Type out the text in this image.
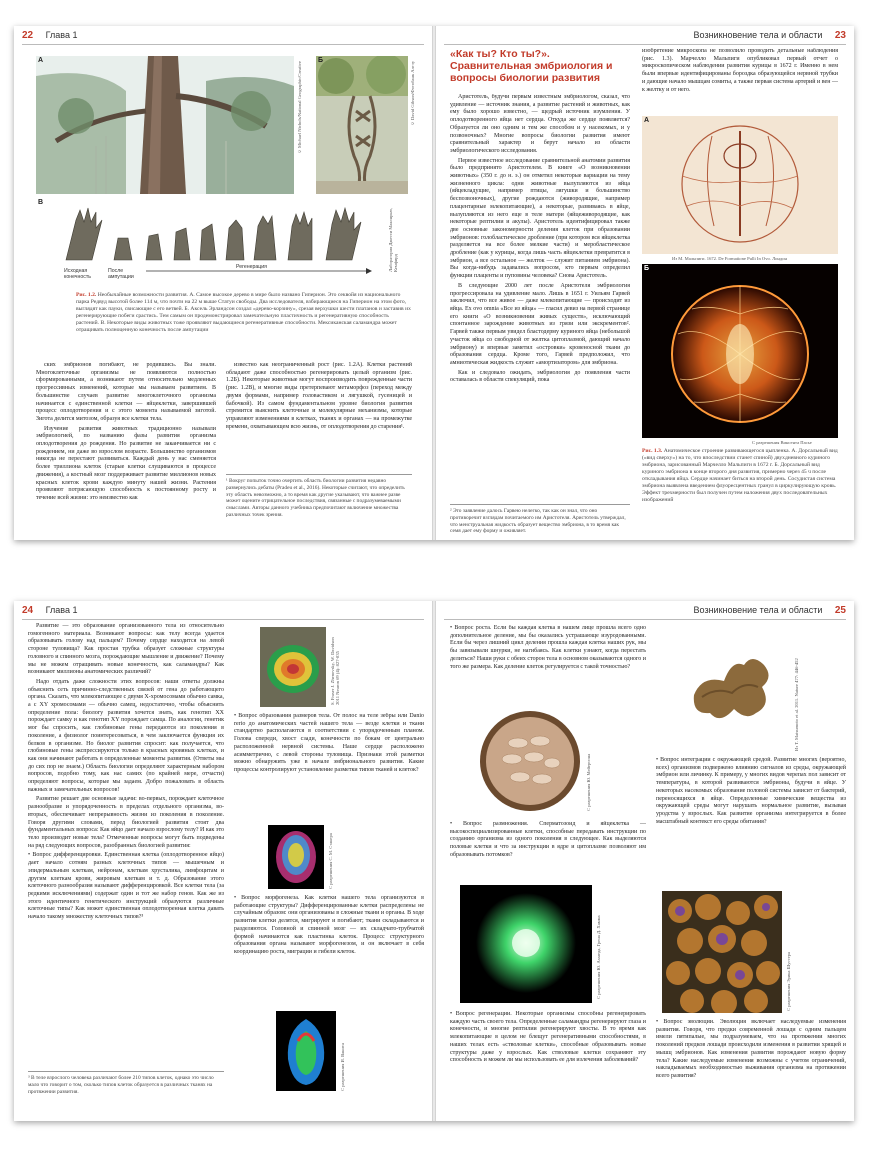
22 Глава 1
А
© Michael Nichols/National Geographic/Creative
Б
© David Gibson/Фотобанк Алтзу
В
Исходная конечность
После ампутации
Регенерация	Лаборатория Джесси Макэнрью, Кемфирд

Рис. 1.2. Необычайные возможности развития. А. Самое высокое дерево в мире было названо Гиперион. Это секвойя из национального парка Редвуд высотой более 114 м, что почти на 22 м выше Статуи свободы. Два исследователя, взбирающиеся на Гиперион на этом фото, выглядят как пауки, свисающие с его ветвей. Б. Аксель Эрландсон создал «дерево-корзину», срезая верхушки шести платанов и заставив их регенерирующие побеги срастись. Тем самым он продемонстрировал замечательную пластичность и регенеративную способность растений. В. Некоторые виды животных тоже проявляют выдающиеся регенеративные способности. Мексиканская саламандра может отращивать полноценную конечность после ампутации

ских эмбрионов погибают, не родившись. Вы знали. Многоклеточные организмы не появляются полностью сформированными, а возникают путем относительно медленных прогрессивных изменений, которые мы называем развитием. В большинстве случаев развитие многоклеточного организма начинается с единственной клетки — яйцеклетки, завершившей процесс оплодотворения и с этого момента называемой зиготой. Зигота делится митозом, образуя все клетки тела.

Изучение развития животных традиционно называли эмбриологией, по названию фазы развития организма оплодотворения до рождения. Но развитие не заканчивается ни с рождением, ни даже во взрослом возрасте. Большинство организмов никогда не перестают развиваться. Каждый день у нас сменяется более триллиона клеток (старые клетки слущиваются в процессе движения), а костный мозг поддерживает развитие миллионов новых красных клеток крови каждую минуту нашей жизни. Растения проявляют потрясающую способность к постоянному росту и течение всей жизни: это неизвестно как

известно как неограниченный рост (рис. 1.2А). Клетки растений обладают даже способностью регенерировать целый организм (рис. 1.2Б). Некоторые животные могут воспроизводить поврежденные части (рис. 1.2В), и многие виды претерпевают метаморфоз (переход между двумя формами, например головастиком и лягушкой, гусеницей и бабочкой). Из самом фундаментальном уровне биология развития стремится выяснить клеточные и молекулярные механизмы, которые управляют изменениями в клетках, тканях и органах — на промежутке времени, охватывающем всю жизнь, от оплодотворения до старения¹.

¹ Вокруг попыток точно очертить область биологии развития недавно развернулись дебаты (Pradeu et al., 2016). Некоторые считают, что определить эту область невозможно, а то время как другие указывают, что важнее разве может оцените отрицательное последствия, связанные с подразумеваемыми смыслами. Авторы данного учебника предпочитают включение множества различных точек зрения.

Возникновение тела и области 23
«Как ты? Кто ты?». Сравнительная эмбриология и вопросы биологии развития

Аристотель, будучи первым известным эмбриологом, сказал, что удивление — источник знания, а развитие растений и животных, как ему было хорошо известно, — щедрый источник изумления. У оплодотворенного яйца нет сердца. Откуда же сердце появляется? Образуется ли оно одним и тем же способом и у насекомых, и у позвоночных? Многие вопросы биологии развития имеют сравнительный характер и берут начало из области эмбриологического исследования.

Первое известное исследование сравнительной анатомии развития было предпринято Аристотелем. В книге «О возникновении животных» (350 г. до н. э.) он отметил некоторые вариации на тему жизненного цикла: одни животные вылупляются из яйца (яйцекладущие, например птицы, лягушки и большинство беспозвоночных), другие рождаются (живородящие, например плацентарные млекопитающие), а некоторые, развиваясь в яйце, вылупляются из него еще в теле матери (яйцеживородящие, как некоторые рептилии и акулы). Аристотель идентифицировал также две основные закономерности деления клеток при образовании эмбрионов: голобластическое дробление (при котором вся яйцеклетка разделяется на все более мелкие части) и меробластическое дробление (как у курицы, когда лишь часть яйцеклетки превратится в эмбрион, а все остальное — желток — служит питанием эмбриона). Вы когда-нибудь задавались вопросом, кто первым определил функции плаценты и пуповины человека? Снова Аристотель.

В следующие 2000 лет после Аристотеля эмбриология прогрессировала на удивление мало. Лишь в 1651 г. Уильям Гарвей заключил, что все живое — даже млекопитающие — происходит из яйца. Ex ovo omnia «Все из яйца» — гласил девиз на первой странице его книги «О возникновении живых существ», исключающий спонтанное зарождение животных из грязи или экскрементов². Гарвей также первым увидел бластодерму куриного яйца (небольшой участок яйца со свободной от желтка цитоплазмой, дающий начало эмбриону) и впервые заметил «островки» кровеносной ткани до образования сердца. Кроме того, Гарвей предположил, что амниотическая жидкость служит «амортизатором» для эмбриона.

Как и следовало ожидать, эмбриология до появления части оставалась в области спекуляций, пока

² Это заявление далось Гарвею нелегко, так как он знал, что оно противоречит взглядам почитаемого им Аристотеля. Аристотель утверждал, что менструальная жидкость образует вещество эмбриона, в то время как семя дает ему форму и оживляет.

изобретение микроскопа не позволило проводить детальные наблюдения (рис. 1.3). Марчелло Мальпиги опубликовал первый отчет о микроскопическом наблюдении развития курицы в 1672 г. Именно в нем были впервые идентифицированы бороздка образующейся нервной трубки и дающие начало мышцам сомиты, а также первая система артерий и вен — к желтку и от него.

А
Из М. Мальпиги. 1672. De Formatione Pulli In Ovo. Лондон
Б
С разрешения Винсента Пасье

Рис. 1.3. Анатомическое строение развивающегося цыпленка. А. Дорсальный вид («вид сверху») на то, что впоследствии станет спиной) двухдневного куриного эмбриона, зарисованный Марчелло Мальпиги в 1672 г. Б. Дорсальный вид куриного эмбриона в конце второго дня развития, примерно через 45 ч после откладывания яйца. Сердце начинает биться на второй день. Сосудистая система эмбриона выявлена введением флуоресцентных гранул в циркулирующую кровь. Эффект трехмерности был получен путем наложения двух последовательных изображений

24 Глава 1

Развитие — это образование организованного тела из относительно гомогенного материала. Возникают вопросы: как телу всегда удается образовывать голову над пальцем? Почему сердце находится на левой стороне туловища? Как простая трубка образует сложные структуры головного и спинного мозга, порождающие мышление и движение? Почему мы не можем отращивать новые конечности, как саламандры? Как возникают миллионы анатомических различий?

Надо отдать даже сложности этих вопросов: наши ответы должны объяснить сеть причинно-следственных связей от гена до работающего органа. Сказать, что млекопитающее с двумя X-хромосомами обычно самка, а с XY хромосомами — обычно самец, недостаточно, чтобы объяснить определение пола: биологу развития хочется знать, как генотип XX порождает самку и как генотип XY порождает самца. По аналогии, генетик мог бы спросить, как глобиновые гены передаются из поколения в поколение, а физиолог поинтересоваться, в чем заключается функция их белков в организме. Но биолог развития спросит: как получается, что глобиновые гены экспрессируются только в красных кровяных клетках, и как они начинают работать в определенные моменты развития. (Ответы мы до сих пор не знаем.) Область биологии определяют характерным набором вопросов, подобно тому, как нас самих (по крайней мере, отчасти) определяют вопросы, которые мы задаем. Добро пожаловать в область важных и замечательных вопросов!

Развитие решает две основные задачи: во-первых, порождает клеточное разнообразие и упорядоченность в пределах отдельного организма, во-вторых, обеспечивает непрерывность жизни из поколения в поколение. Говоря другими словами, перед биологией развития стоят два фундаментальных вопроса: Как яйцо дает начало взрослому телу? И как это тело производит новые тела? Отмеченные вопросы могут быть подведены на ряд следующих вопросов, разобранных биологией развития:

• Вопрос дифференцировки. Единственная клетка (оплодотворенное яйцо) дает начало сотням разных клеточных типов — мышечным и эпидермальным клеткам, нейронам, клеткам хрусталика, лимфоцитам и другим клеткам крови, жировым клеткам и т. д. Образование этого клеточного разнообразия называют дифференцировкой. Все клетки тела (за редкими исключениями) содержат один и тот же набор генов. Как же из этого идентичного генетического инструкций образуются различные клеточные типы? Как может единственная оплодотворенная клетка давать начало такому множеству клеточных типов?³

³ В теле взрослого человека различают более 210 типов клеток, однако это число мало что говорит о том, сколько типов клеток образуется в различных тканях на протяжении развития.

S. Fraser J. Zhenovsky, W. Davidson 2011 Neuron 69 (4): 827-835

• Вопрос образования размеров тела. От полос на теле зебры или Danio rerio до анатомических частей нашего тела — везде клетки и ткани стандартно располагаются в соответствии с упорядоченным планом. Голова спереди, хвост сзади, конечности по бокам от центрально расположенной нервной системы. Наше сердце расположено асимметрично, с левой стороны туловища. Признаки этой разметки можно обнаружить уже в начале эмбрионального развития. Какие процессы контролируют установление разметки типов тканей и клеток?

С разрешения С. М. Стакера

• Вопрос морфогенеза. Как клетки нашего тела организуются в работающие структуры? Дифференцированные клетки распределены не случайным образом: они организованы в сложные ткани и органы. В ходе развития клетки делятся, мигрируют и погибают; ткани складываются и разделяются. Головной и спинной мозг — их складчато-трубчатой формой начинаются как пластинка клеток. Процесс структурного образования органа называют морфогенезом, и он включает в себя координацию роста, миграции и гибели клеток.

С разрешения И. Вакиса
Возникновение тела и области 25

• Вопрос роста. Если бы каждая клетка в нашем лице прошла всего одно дополнительное деление, мы бы оказались устрашающе изуродованными. Если бы через лишний цикл деления прошла каждая клетка наших рук, мы бы завязывали шнурки, не нагибаясь. Как клетки узнают, когда перестать делиться? Наши руки с обеих сторон тела в основном оказываются одного и того же размера. Как деление клеток регулируется с такой точностью?

С разрешения Ю. Мейерсона

• Вопрос размножения. Сперматозоид и яйцеклетка — высокоспециализированные клетки, способные передавать инструкции по созданию организма из одного поколения в следующее. Как выделяются половые клетки и что за инструкции в ядре и цитоплазме позволяют им образовывать потомков?

С разрешения Ю. Ахмеда, Грена Д. Хамма

• Вопрос регенерации. Некоторые организмы способны регенерировать каждую часть своего тела. Определенные саламандры регенерируют глаза и конечности, и многие рептилии регенерируют хвосты. В то время как млекопитающие в целом не блещут регенеративными способностями, в наших телах есть «стволовые клетки», способные образовывать новые структуры даже у взрослых. Как стволовые клетки сохраняют эту способность и можем ли мы использовать ее для излечения заболеваний?

Из T. Matsumoto et al. 2011. Nature 477: 446-452

• Вопрос интеграции с окружающей средой. Развитие многих (вероятно, всех) организмов подвержено влиянию сигналов из среды, окружающей эмбрион или личинку. К примеру, у многих видов черепах пол зависит от температуры, в которой развиваются эмбрионы, будучи в яйце. У некоторых насекомых образование половой системы зависит от бактерий, переносящихся в яйце. Определенные химические вещества из окружающей среды могут нарушать нормальное развитие, вызывая уродства у взрослых. Как развитие организма интегрируется в более масштабный контекст его среды обитания?

С разрешения Эрика Шустера

• Вопрос эволюции. Эволюция включает наследуемые изменения развития. Говоря, что предки современной лошади с одним пальцем имели пятипалые, мы подразумеваем, что на протяжении многих поколений предков лошади происходили изменения в развитии хрящей и мышц эмбрионов. Как изменения развития порождают новую форму тела? Какие наследуемые изменения возможны с учетом ограничений, накладываемых необходимостью выживания организма на протяжении всего развития?
